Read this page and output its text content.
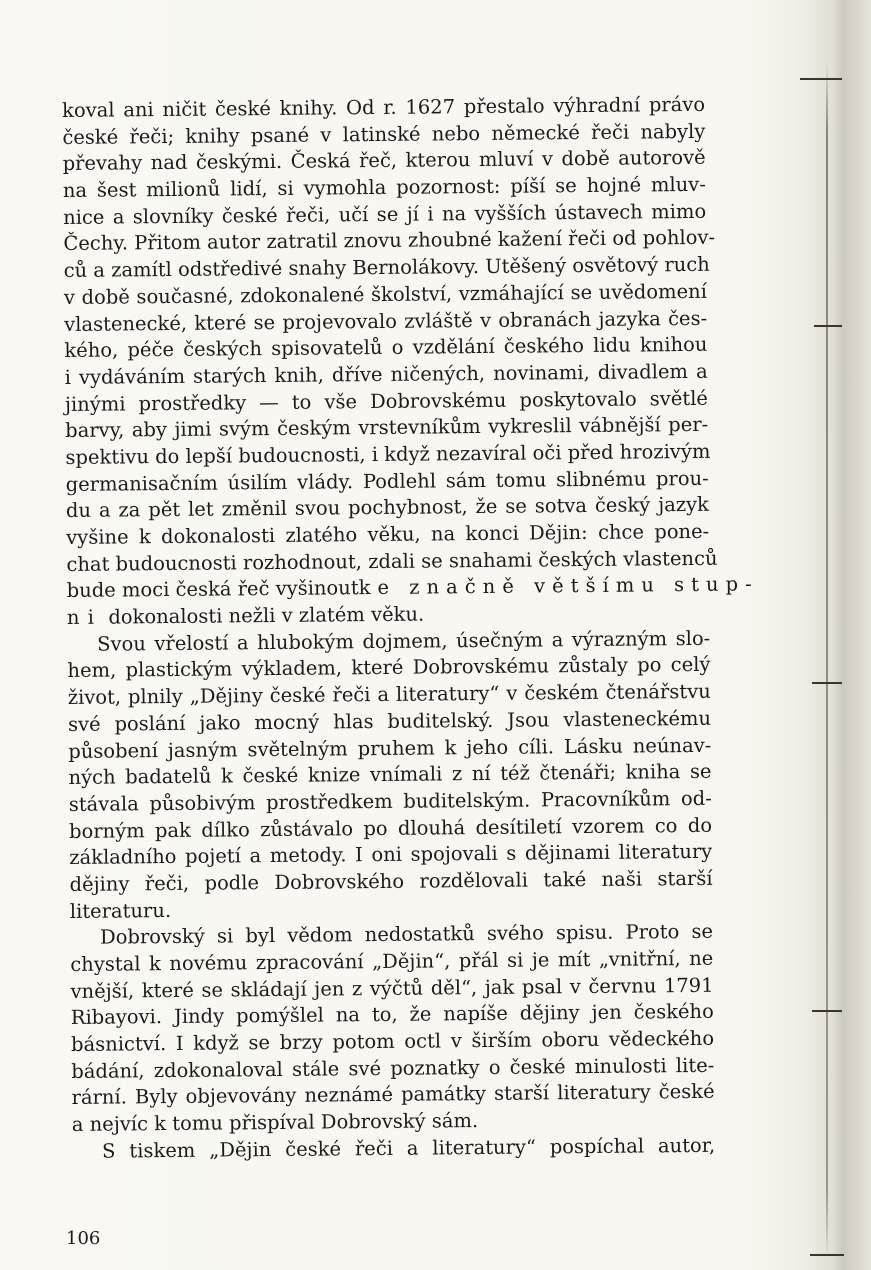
koval ani ničit české knihy. Od r. 1627 přestalo výhradní právo
české řeči; knihy psané v latinské nebo německé řeči nabyly
převahy nad českými. Česká řeč, kterou mluví v době autorově
na šest milionů lidí, si vymohla pozornost: píší se hojné mluv-
nice a slovníky české řeči, učí se jí i na vyšších ústavech mimo
Čechy. Přitom autor zatratil znovu zhoubné kažení řeči od pohlov-
ců a zamítl odstředivé snahy Bernolákovy. Utěšený osvětový ruch
v době současné, zdokonalené školství, vzmáhající se uvědomení
vlastenecké, které se projevovalo zvláště v obranách jazyka čes-
kého, péče českých spisovatelů o vzdělání českého lidu knihou
i vydáváním starých knih, dříve ničených, novinami, divadlem a
jinými prostředky — to vše Dobrovskému poskytovalo světlé
barvy, aby jimi svým českým vrstevníkům vykreslil vábnější per-
spektivu do lepší budoucnosti, i když nezavíral oči před hrozivým
germanisačním úsilím vlády. Podlehl sám tomu slibnému prou-
du a za pět let změnil svou pochybnost, že se sotva český jazyk
vyšine k dokonalosti zlatého věku, na konci Dějin: chce pone-
chat budoucnosti rozhodnout, zdali se snahami českých vlastenců
bude moci česká řeč vyšinout ke značně většímu stup-
ni dokonalosti nežli v zlatém věku.
Svou vřelostí a hlubokým dojmem, úsečným a výrazným slo-
hem, plastickým výkladem, které Dobrovskému zůstaly po celý
život, plnily „Dějiny české řeči a literatury“ v českém čtenářstvu
své poslání jako mocný hlas buditelský. Jsou vlasteneckému
působení jasným světelným pruhem k jeho cíli. Lásku neúnav-
ných badatelů k české knize vnímali z ní též čtenáři; kniha se
stávala působivým prostředkem buditelským. Pracovníkům od-
borným pak dílko zůstávalo po dlouhá desítiletí vzorem co do
základního pojetí a metody. I oni spojovali s dějinami literatury
dějiny řeči, podle Dobrovského rozdělovali také naši starší
literaturu.
Dobrovský si byl vědom nedostatků svého spisu. Proto se
chystal k novému zpracování „Dějin“, přál si je mít „vnitřní, ne
vnější, které se skládají jen z výčtů děl“, jak psal v červnu 1791
Ribayovi. Jindy pomýšlel na to, že napíše dějiny jen českého
básnictví. I když se brzy potom octl v širším oboru vědeckého
bádání, zdokonaloval stále své poznatky o české minulosti lite-
rární. Byly objevovány neznámé památky starší literatury české
a nejvíc k tomu přispíval Dobrovský sám.
S tiskem „Dějin české řeči a literatury“ pospíchal autor,
106
